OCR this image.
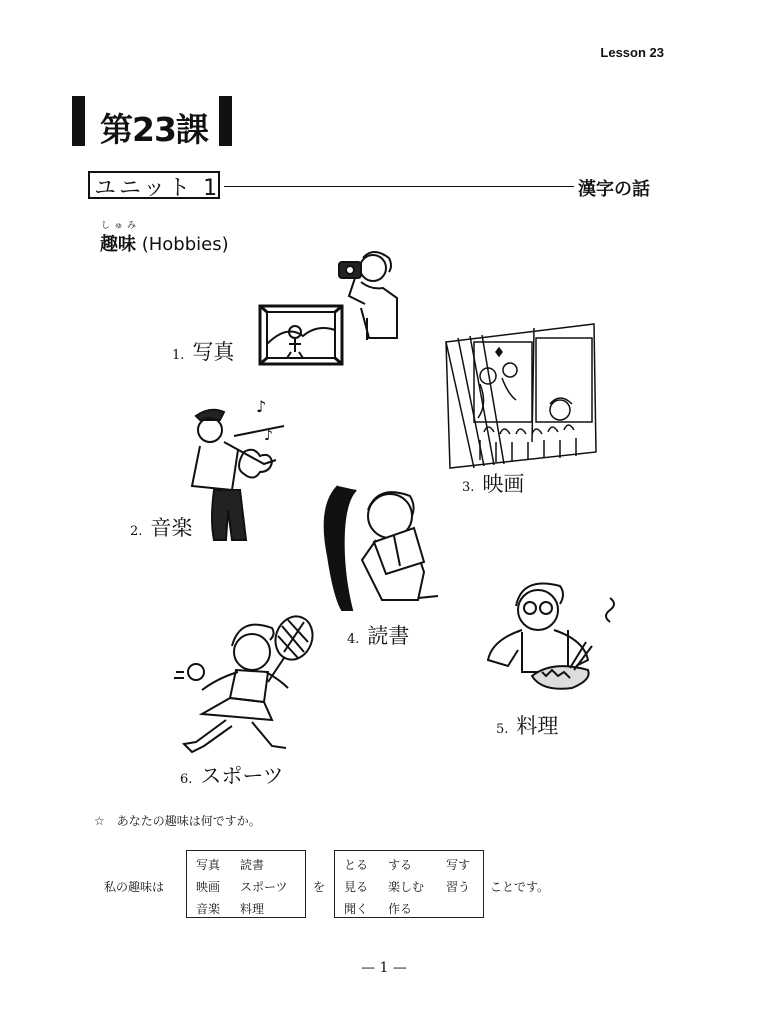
Lesson 23
第23課
ユニット 1	漢字の話
しゅみ
趣味 (Hobbies)
1. 写真
3. 映画
♪
♪
2. 音楽
4. 読書
5. 料理
6. スポーツ
☆ あなたの趣味は何ですか。
私の趣味は
写真 読書
映画 スポーツ
音楽 料理
を
とる する	写す
見る 楽しむ 習う
聞く 作る
ことです。
— 1 —
